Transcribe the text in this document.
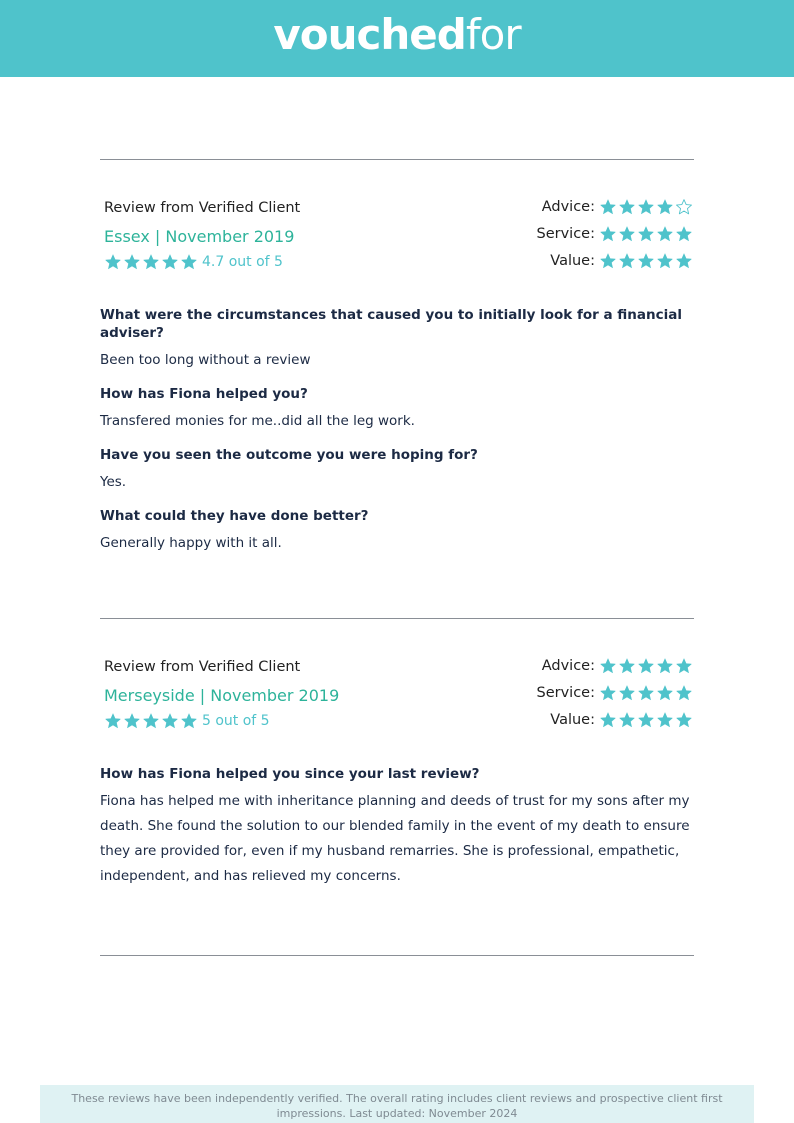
vouchedfor
Review from Verified Client
Essex | November 2019
4.7 out of 5
Advice:
Service:
Value:
What were the circumstances that caused you to initially look for a financial adviser?
Been too long without a review
How has Fiona helped you?
Transfered monies for me..did all the leg work.
Have you seen the outcome you were hoping for?
Yes.
What could they have done better?
Generally happy with it all.
Review from Verified Client
Merseyside | November 2019
5 out of 5
Advice:
Service:
Value:
How has Fiona helped you since your last review?
Fiona has helped me with inheritance planning and deeds of trust for my sons after my death. She found the solution to our blended family in the event of my death to ensure they are provided for, even if my husband remarries. She is professional, empathetic, independent, and has relieved my concerns.
These reviews have been independently verified. The overall rating includes client reviews and prospective client first impressions. Last updated: November 2024
